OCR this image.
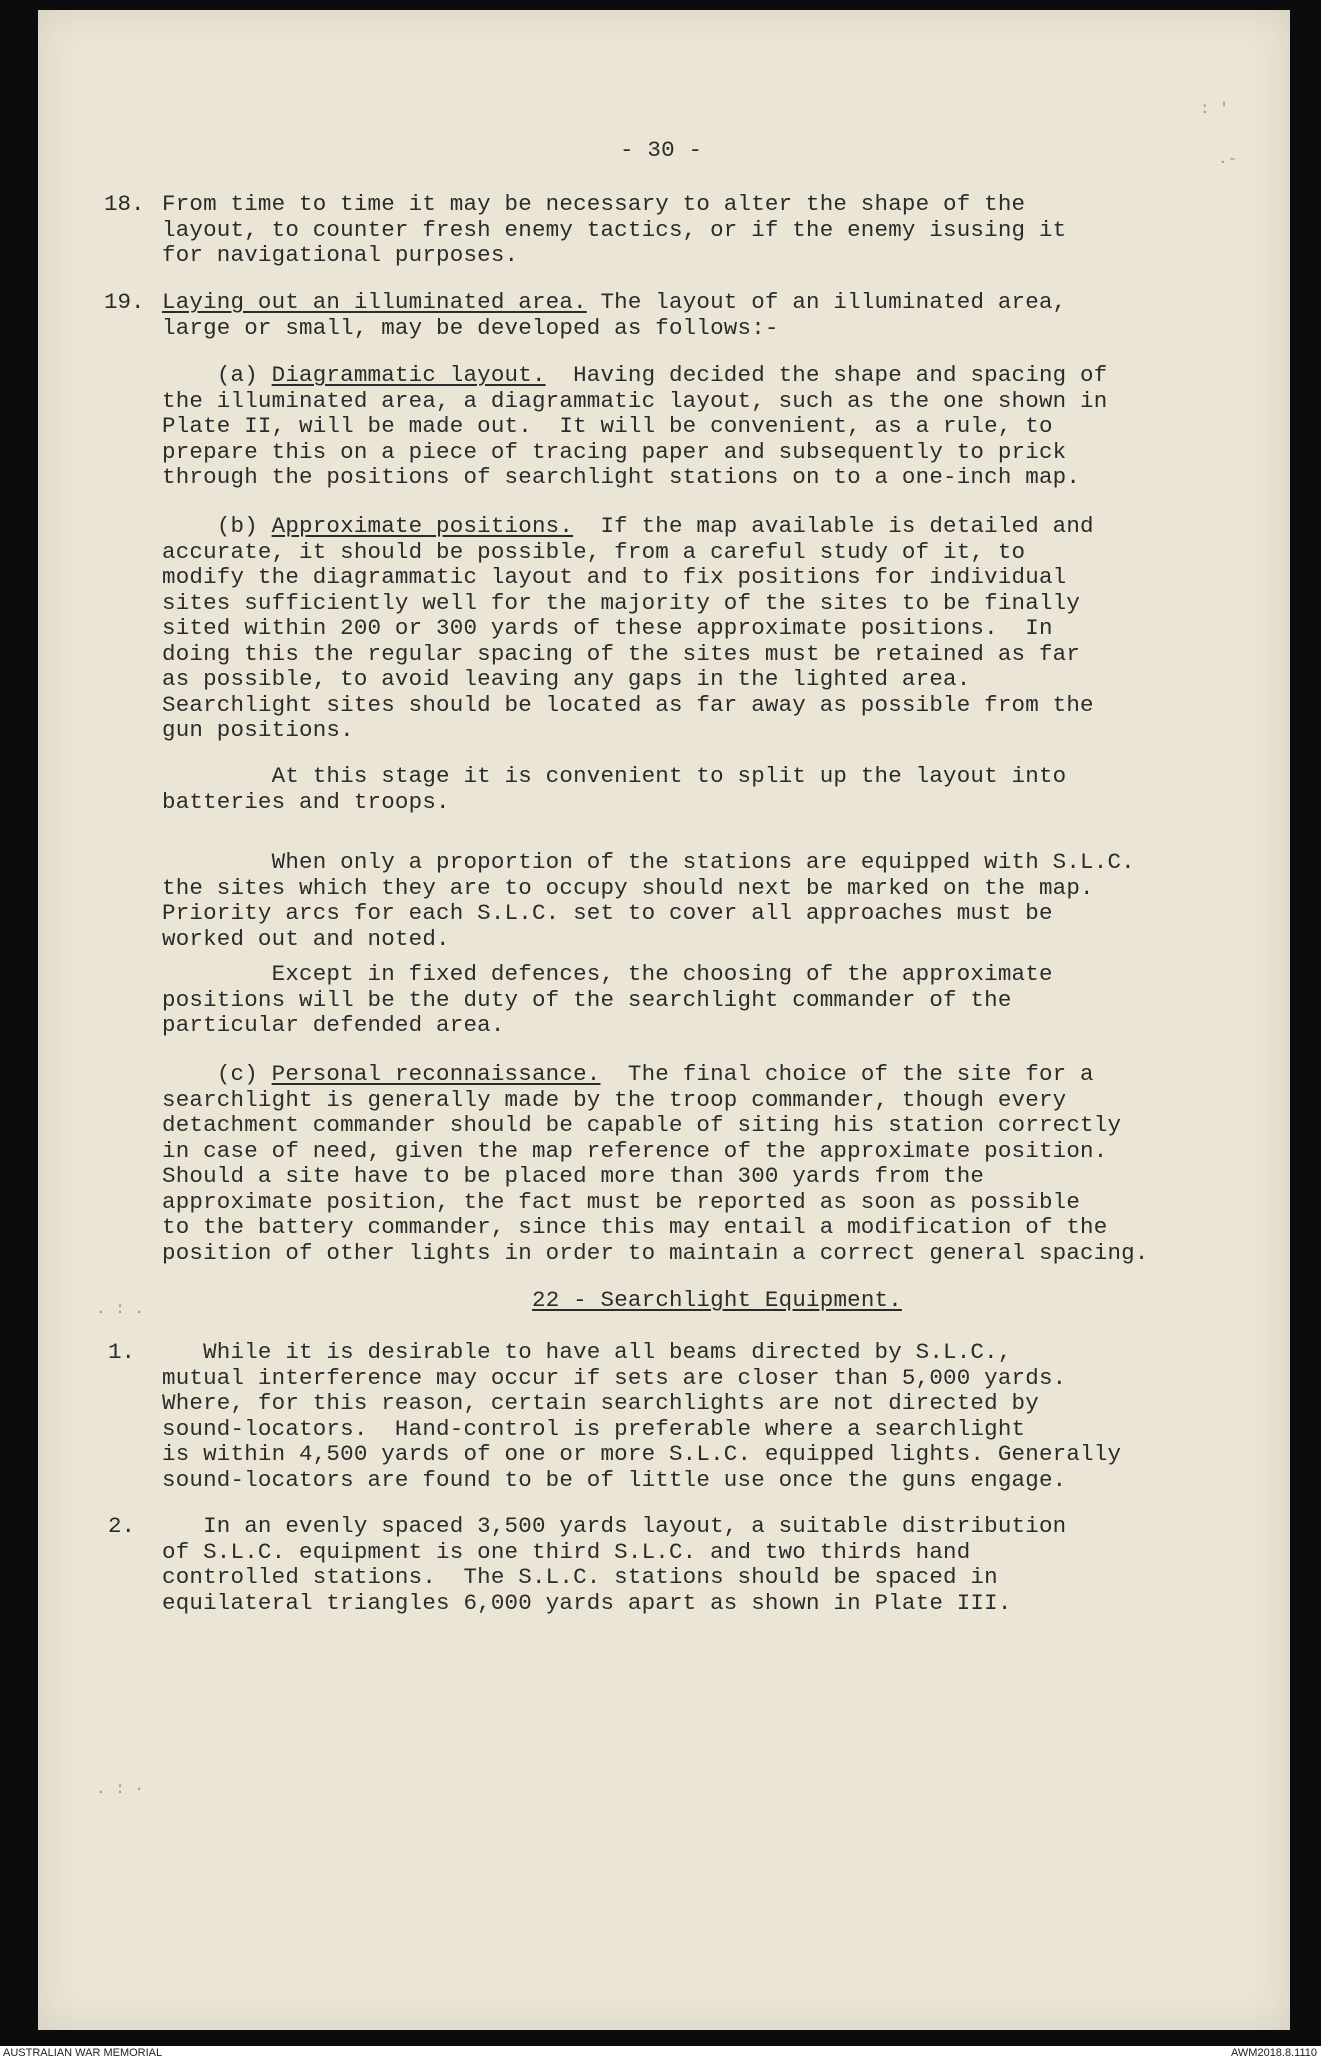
- 30 -
18. From time to time it may be necessary to alter the shape of the
layout, to counter fresh enemy tactics, or if the enemy isusing it
for navigational purposes.
19. Laying out an illuminated area. The layout of an illuminated area,
large or small, may be developed as follows:-
(a) Diagrammatic layout.  Having decided the shape and spacing of
the illuminated area, a diagrammatic layout, such as the one shown in
Plate II, will be made out.  It will be convenient, as a rule, to
prepare this on a piece of tracing paper and subsequently to prick
through the positions of searchlight stations on to a one-inch map.
(b) Approximate positions.  If the map available is detailed and
accurate, it should be possible, from a careful study of it, to
modify the diagrammatic layout and to fix positions for individual
sites sufficiently well for the majority of the sites to be finally
sited within 200 or 300 yards of these approximate positions.  In
doing this the regular spacing of the sites must be retained as far
as possible, to avoid leaving any gaps in the lighted area.
Searchlight sites should be located as far away as possible from the
gun positions.
At this stage it is convenient to split up the layout into
batteries and troops.
When only a proportion of the stations are equipped with S.L.C.
the sites which they are to occupy should next be marked on the map.
Priority arcs for each S.L.C. set to cover all approaches must be
worked out and noted.
Except in fixed defences, the choosing of the approximate
positions will be the duty of the searchlight commander of the
particular defended area.
(c) Personal reconnaissance.  The final choice of the site for a
searchlight is generally made by the troop commander, though every
detachment commander should be capable of siting his station correctly
in case of need, given the map reference of the approximate position.
Should a site have to be placed more than 300 yards from the
approximate position, the fact must be reported as soon as possible
to the battery commander, since this may entail a modification of the
position of other lights in order to maintain a correct general spacing.
22 - Searchlight Equipment.
1.	While it is desirable to have all beams directed by S.L.C.,
mutual interference may occur if sets are closer than 5,000 yards.
Where, for this reason, certain searchlights are not directed by
sound-locators.  Hand-control is preferable where a searchlight
is within 4,500 yards of one or more S.L.C. equipped lights. Generally
sound-locators are found to be of little use once the guns engage.
2.	In an evenly spaced 3,500 yards layout, a suitable distribution
of S.L.C. equipment is one third S.L.C. and two thirds hand
controlled stations.  The S.L.C. stations should be spaced in
equilateral triangles 6,000 yards apart as shown in Plate III.
: '
.-
. : .
. : ·
AUSTRALIAN WAR MEMORIAL	AWM2018.8.1110
